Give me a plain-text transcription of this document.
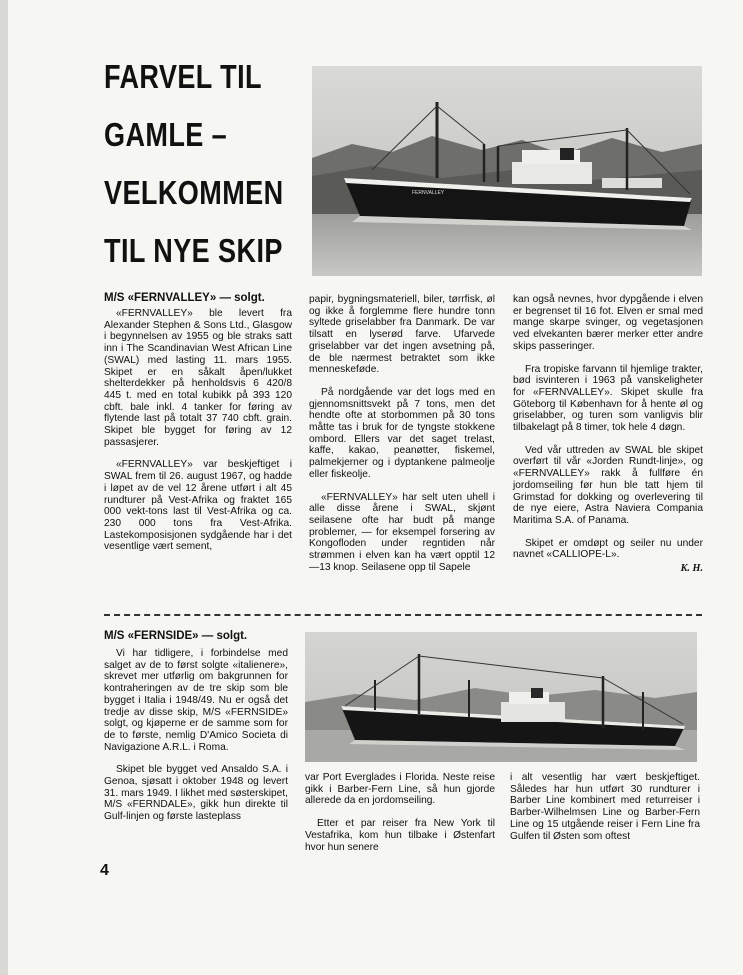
FARVEL TIL
GAMLE –
VELKOMMEN
TIL NYE SKIP
FERNVALLEY
M/S «FERNVALLEY» — solgt.

«FERNVALLEY» ble levert fra Alexander Stephen & Sons Ltd., Glasgow i begynnelsen av 1955 og ble straks satt inn i The Scandinavian West African Line (SWAL) med lasting 11. mars 1955. Skipet er en såkalt åpen/lukket shelterdekker på henholdsvis 6 420/8 445 t. med en total kubikk på 393 120 cbft. bale inkl. 4 tanker for føring av flytende last på totalt 37 740 cbft. grain. Skipet ble bygget for føring av 12 passasjerer.

«FERNVALLEY» var beskjeftiget i SWAL frem til 26. august 1967, og hadde i løpet av de vel 12 årene utført i alt 45 rundturer på Vest-Afrika og fraktet 165 000 vekt-tons last til Vest-Afrika og ca. 230 000 tons fra Vest-Afrika. Lastekomposisjonen sydgående har i det vesentlige vært sement,

papir, bygningsmateriell, biler, tørrfisk, øl og ikke å forglemme flere hundre tonn syltede griselabber fra Danmark. De var tilsatt en lyserød farve. Ufarvede griselabber var det ingen avsetning på, de ble nærmest betraktet som ikke menneskeføde.

På nordgående var det logs med en gjennomsnittsvekt på 7 tons, men det hendte ofte at storbommen på 30 tons måtte tas i bruk for de tyngste stokkene ombord. Ellers var det saget trelast, kaffe, kakao, peanøtter, fiskemel, palmekjerner og i dyptankene palmeolje eller fiskeolje.

«FERNVALLEY» har selt uten uhell i alle disse årene i SWAL, skjønt seilasene ofte har budt på mange problemer, — for eksempel forsering av Kongofloden under regntiden når strømmen i elven kan ha vært opptil 12—13 knop. Seilasene opp til Sapele

kan også nevnes, hvor dypgående i elven er begrenset til 16 fot. Elven er smal med mange skarpe svinger, og vegetasjonen ved elvekanten bærer merker etter andre skips passeringer.

Fra tropiske farvann til hjemlige trakter, bød isvinteren i 1963 på vanskeligheter for «FERNVALLEY». Skipet skulle fra Göteborg til København for å hente øl og griselabber, og turen som vanligvis blir tilbakelagt på 8 timer, tok hele 4 døgn.

Ved vår uttreden av SWAL ble skipet overført til vår «Jorden Rundt-linje», og «FERNVALLEY» rakk å fullføre én jordomseiling før hun ble tatt hjem til Grimstad for dokking og overlevering til de nye eiere, Astra Naviera Compania Maritima S.A. of Panama.

Skipet er omdøpt og seiler nu under navnet «CALLIOPE-L».

K. H.
M/S «FERNSIDE» — solgt.

Vi har tidligere, i forbindelse med salget av de to først solgte «italienere», skrevet mer utførlig om bakgrunnen for kontraheringen av de tre skip som ble bygget i Italia i 1948/49. Nu er også det tredje av disse skip, M/S «FERNSIDE» solgt, og kjøperne er de samme som for de to første, nemlig D'Amico Societa di Navigazione A.R.L. i Roma.

Skipet ble bygget ved Ansaldo S.A. i Genoa, sjøsatt i oktober 1948 og levert 31. mars 1949. I likhet med søsterskipet, M/S «FERNDALE», gikk hun direkte til Gulf-linjen og første lasteplass

var Port Everglades i Florida. Neste reise gikk i Barber-Fern Line, så hun gjorde allerede da en jordomseiling.

Etter et par reiser fra New York til Vestafrika, kom hun tilbake i Østenfart hvor hun senere

i alt vesentlig har vært beskjeftiget. Således har hun utført 30 rundturer i Barber Line kombinert med returreiser i Barber-Wilhelmsen Line og Barber-Fern Line og 15 utgående reiser i Fern Line fra Gulfen til Østen som oftest

4
